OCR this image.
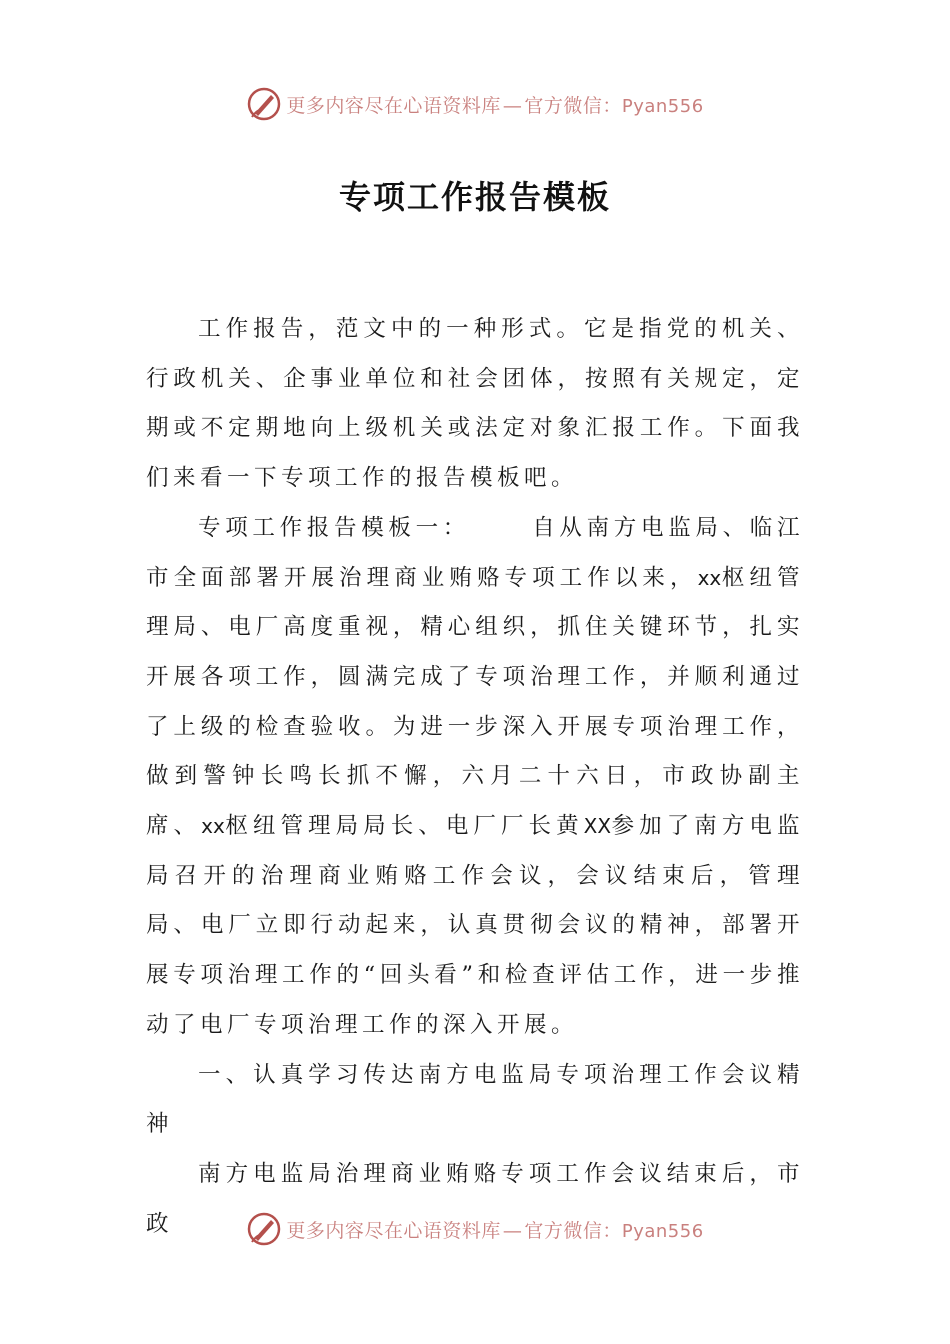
更多内容尽在心语资料库 — 官方微信：Pyan556
专项工作报告模板

工作报告，范文中的一种形式。它是指党的机关、行政机关、企事业单位和社会团体，按照有关规定，定期或不定期地向上级机关或法定对象汇报工作。下面我们来看一下专项工作的报告模板吧。

专项工作报告模板一：	自从南方电监局、临江市全面部署开展治理商业贿赂专项工作以来，xx枢纽管理局、电厂高度重视，精心组织，抓住关键环节，扎实开展各项工作，圆满完成了专项治理工作，并顺利通过了上级的检查验收。为进一步深入开展专项治理工作，做到警钟长鸣长抓不懈，六月二十六日，市政协副主席、xx枢纽管理局局长、电厂厂长黄XX参加了南方电监局召开的治理商业贿赂工作会议，会议结束后，管理局、电厂立即行动起来，认真贯彻会议的精神，部署开展专项治理工作的“回头看”和检查评估工作，进一步推动了电厂专项治理工作的深入开展。

一、认真学习传达南方电监局专项治理工作会议精神

南方电监局治理商业贿赂专项工作会议结束后，市政	更多内容尽在心语资料库 — 官方微信：Pyan556
